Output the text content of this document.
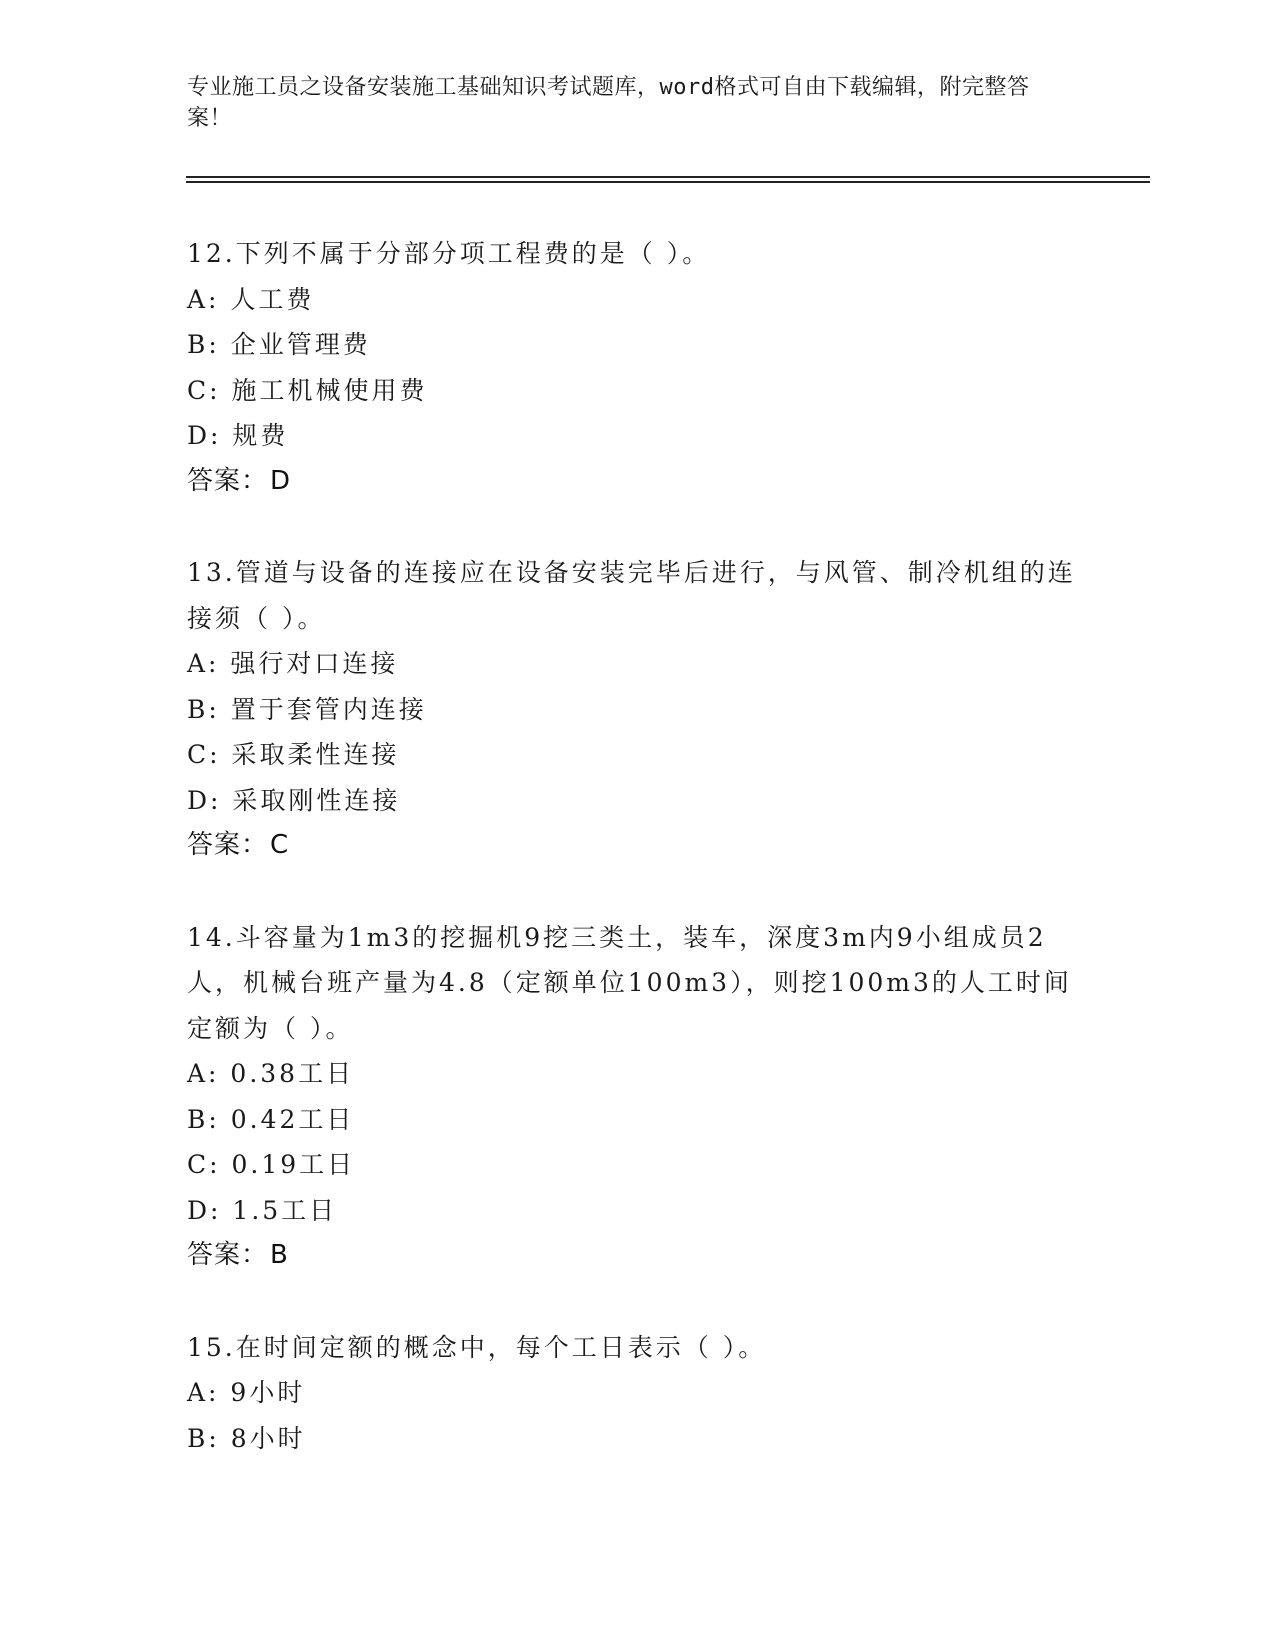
专业施工员之设备安装施工基础知识考试题库，word格式可自由下载编辑，附完整答案！
12.下列不属于分部分项工程费的是（ ）。
A: 人工费
B: 企业管理费
C: 施工机械使用费
D: 规费
答案：D
13.管道与设备的连接应在设备安装完毕后进行，与风管、制冷机组的连接须（ ）。
A: 强行对口连接
B: 置于套管内连接
C: 采取柔性连接
D: 采取刚性连接
答案：C
14.斗容量为1m3的挖掘机9挖三类土，装车，深度3m内9小组成员2人，机械台班产量为4.8（定额单位100m3），则挖100m3的人工时间定额为（ ）。
A: 0.38工日
B: 0.42工日
C: 0.19工日
D: 1.5工日
答案：B
15.在时间定额的概念中，每个工日表示（ ）。
A: 9小时
B: 8小时
